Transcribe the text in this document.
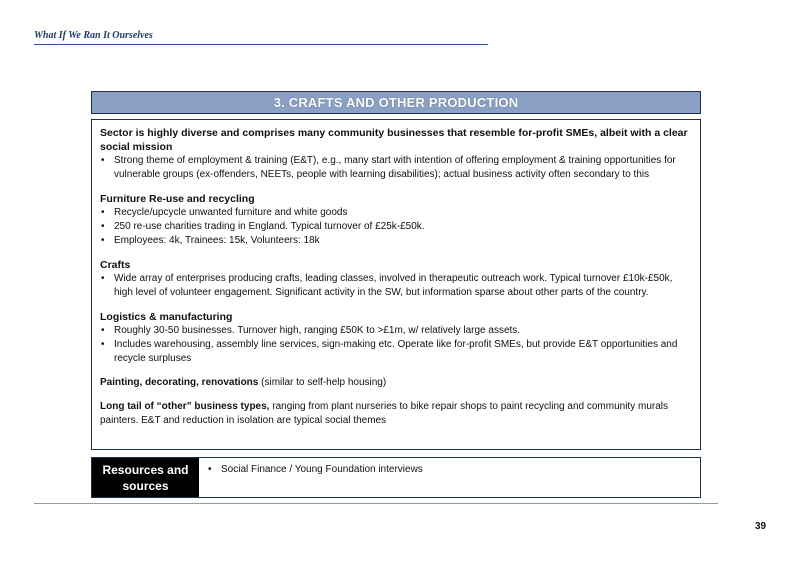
What If We Ran It Ourselves
3. CRAFTS AND OTHER PRODUCTION
Sector is highly diverse and comprises many community businesses that resemble for-profit SMEs, albeit with a clear social mission
• Strong theme of employment & training (E&T), e.g., many start with intention of offering employment & training opportunities for vulnerable groups (ex-offenders, NEETs, people with learning disabilities); actual business activity often secondary to this
Furniture Re-use and recycling
• Recycle/upcycle unwanted furniture and white goods
• 250 re-use charities trading in England. Typical turnover of £25k-£50k.
• Employees: 4k, Trainees: 15k, Volunteers: 18k
Crafts
• Wide array of enterprises producing crafts, leading classes, involved in therapeutic outreach work. Typical turnover £10k-£50k, high level of volunteer engagement. Significant activity in the SW, but information sparse about other parts of the country.
Logistics & manufacturing
• Roughly 30-50 businesses. Turnover high, ranging £50K to >£1m, w/ relatively large assets.
• Includes warehousing, assembly line services, sign-making etc. Operate like for-profit SMEs, but provide E&T opportunities and recycle surpluses
Painting, decorating, renovations (similar to self-help housing)
Long tail of “other” business types, ranging from plant nurseries to bike repair shops to paint recycling and community murals painters. E&T and reduction in isolation are typical social themes
Resources and sources
• Social Finance / Young Foundation interviews
39
